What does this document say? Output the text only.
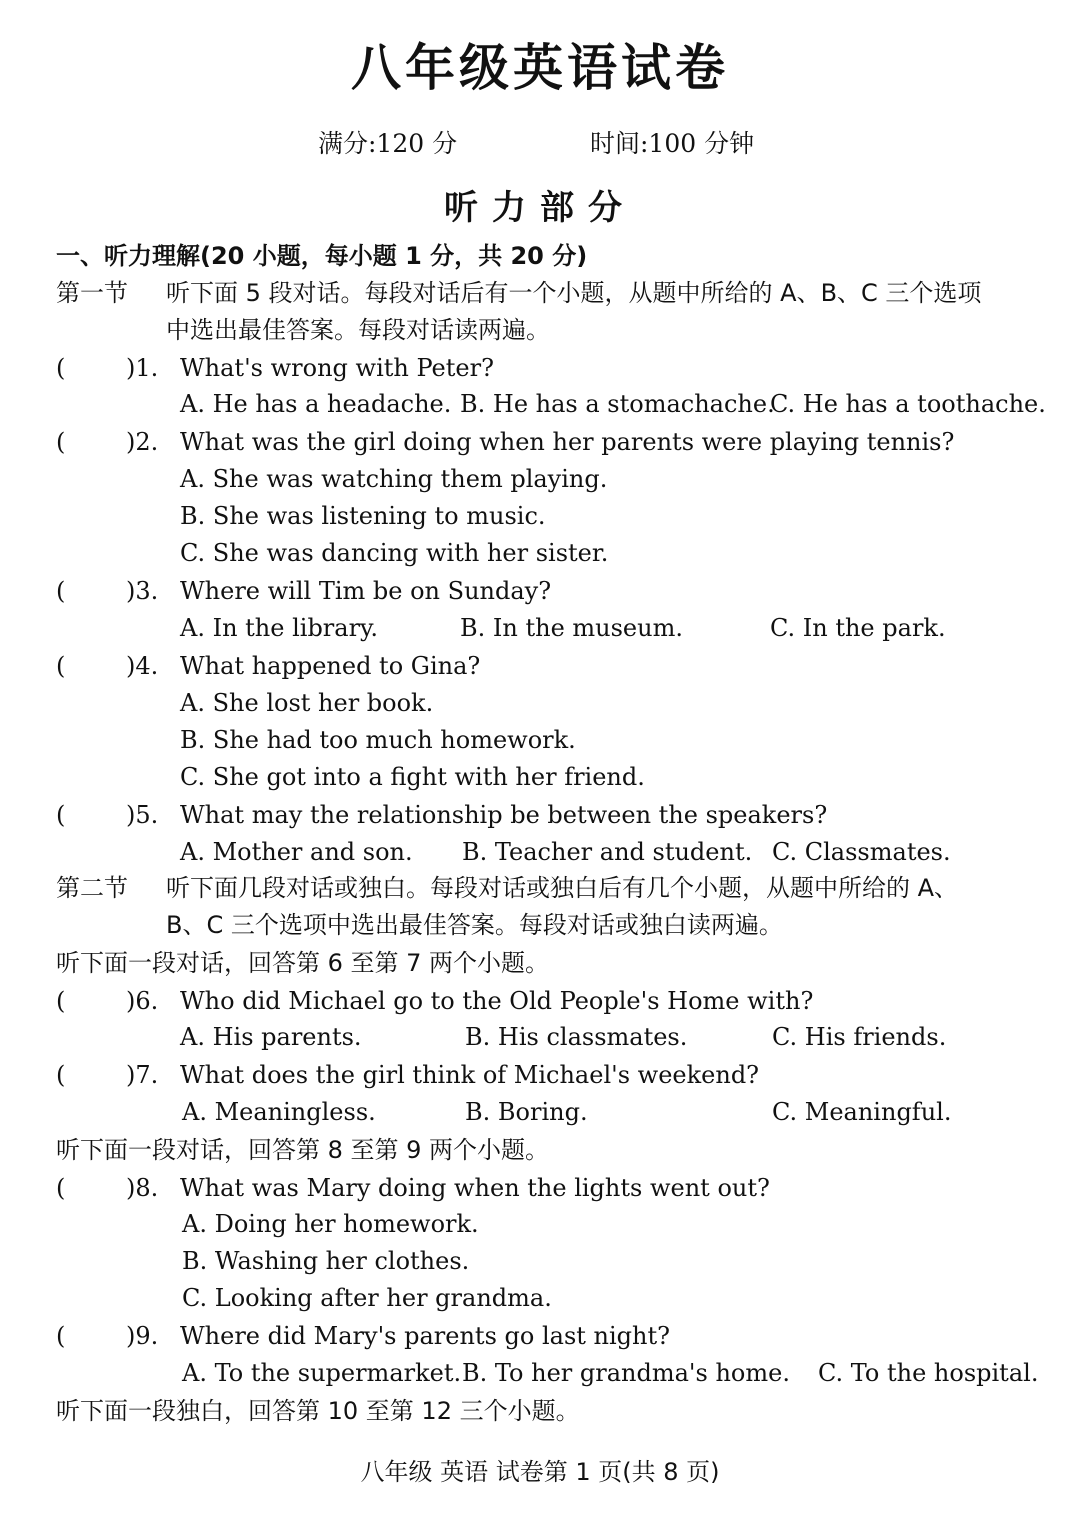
八年级英语试卷
满分:120 分	时间:100 分钟
听力部分
一、听力理解(20 小题，每小题 1 分，共 20 分)
第一节 听下面 5 段对话。每段对话后有一个小题，从题中所给的 A、B、C 三个选项
中选出最佳答案。每段对话读两遍。
(	)1. What's wrong with Peter?
A. He has a headache. B. He has a stomachache.
C. He has a toothache.
(	)2. What was the girl doing when her parents were playing tennis?
A. She was watching them playing.
B. She was listening to music.
C. She was dancing with her sister.
(	)3. Where will Tim be on Sunday?
A. In the library.	B. In the museum.	C. In the park.
(	)4. What happened to Gina?
A. She lost her book.
B. She had too much homework.
C. She got into a fight with her friend.
(	)5. What may the relationship be between the speakers?
A. Mother and son. B. Teacher and student. C. Classmates.
第二节 听下面几段对话或独白。每段对话或独白后有几个小题，从题中所给的 A、
B、C 三个选项中选出最佳答案。每段对话或独白读两遍。
听下面一段对话，回答第 6 至第 7 两个小题。
(	)6. Who did Michael go to the Old People's Home with?
A. His parents.	B. His classmates.	C. His friends.
(	)7. What does the girl think of Michael's weekend?
A. Meaningless.	B. Boring.	C. Meaningful.
听下面一段对话，回答第 8 至第 9 两个小题。
(	)8. What was Mary doing when the lights went out?
A. Doing her homework.
B. Washing her clothes.
C. Looking after her grandma.
(	)9. Where did Mary's parents go last night?
A. To the supermarket. B. To her grandma's home. C. To the hospital.
听下面一段独白，回答第 10 至第 12 三个小题。
八年级 英语 试卷第 1 页(共 8 页)
